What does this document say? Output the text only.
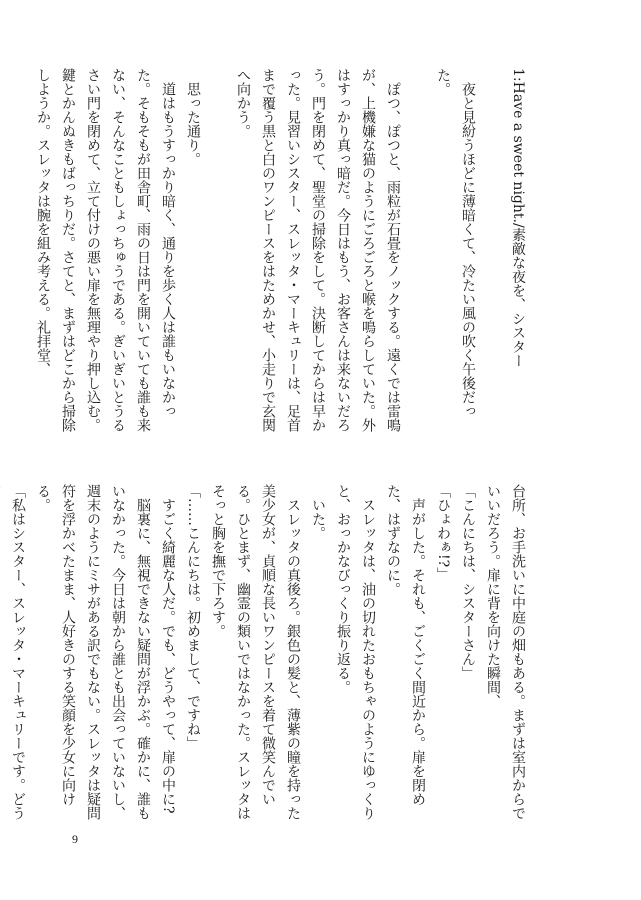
1:Have a sweet night./素敵な夜を、シスター

夜と見紛うほどに薄暗くて、冷たい風の吹く午後だった。

ぽつ、ぽつと、雨粒が石畳をノックする。遠くでは雷鳴が、上機嫌な猫のようにごろごろと喉を鳴らしていた。外はすっかり真っ暗だ。今日はもう、お客さんは来ないだろう。門を閉めて、聖堂の掃除をして。決断してからは早かった。見習いシスター、スレッタ・マーキュリーは、足首まで覆う黒と白のワンピースをはためかせ、小走りで玄関へ向かう。

思った通り。

道はもうすっかり暗く、通りを歩く人は誰もいなかった。そもそもが田舎町、雨の日は門を開いていても誰も来ない、そんなこともしょっちゅうである。ぎいぎいとうるさい門を閉めて、立て付けの悪い扉を無理やり押し込む。鍵とかんぬきもばっちりだ。さてと、まずはどこから掃除しようか。スレッタは腕を組み考える。礼拝堂、

台所、お手洗いに中庭の畑もある。まずは室内からでいいだろう。扉に背を向けた瞬間、

「こんにちは、シスターさん」

「ひょわぁ!?」

声がした。それも、ごくごく間近から。扉を閉めた、はずなのに。

スレッタは、油の切れたおもちゃのようにゆっくりと、おっかなびっくり振り返る。

いた。

スレッタの真後ろ。銀色の髪と、薄紫の瞳を持った美少女が、貞順な長いワンピースを着て微笑んでいる。ひとまず、幽霊の類いではなかった。スレッタはそっと胸を撫で下ろす。

「……こんにちは。初めまして、ですね」

すごく綺麗な人だ。でも、どうやって、扉の中に?

脳裏に、無視できない疑問が浮かぶ。確かに、誰もいなかった。今日は朝から誰とも出会っていないし、週末のようにミサがある訳でもない。スレッタは疑問符を浮かべたまま、人好きのする笑顔を少女に向ける。

「私はシスター、スレッタ・マーキュリーです。どう

9
